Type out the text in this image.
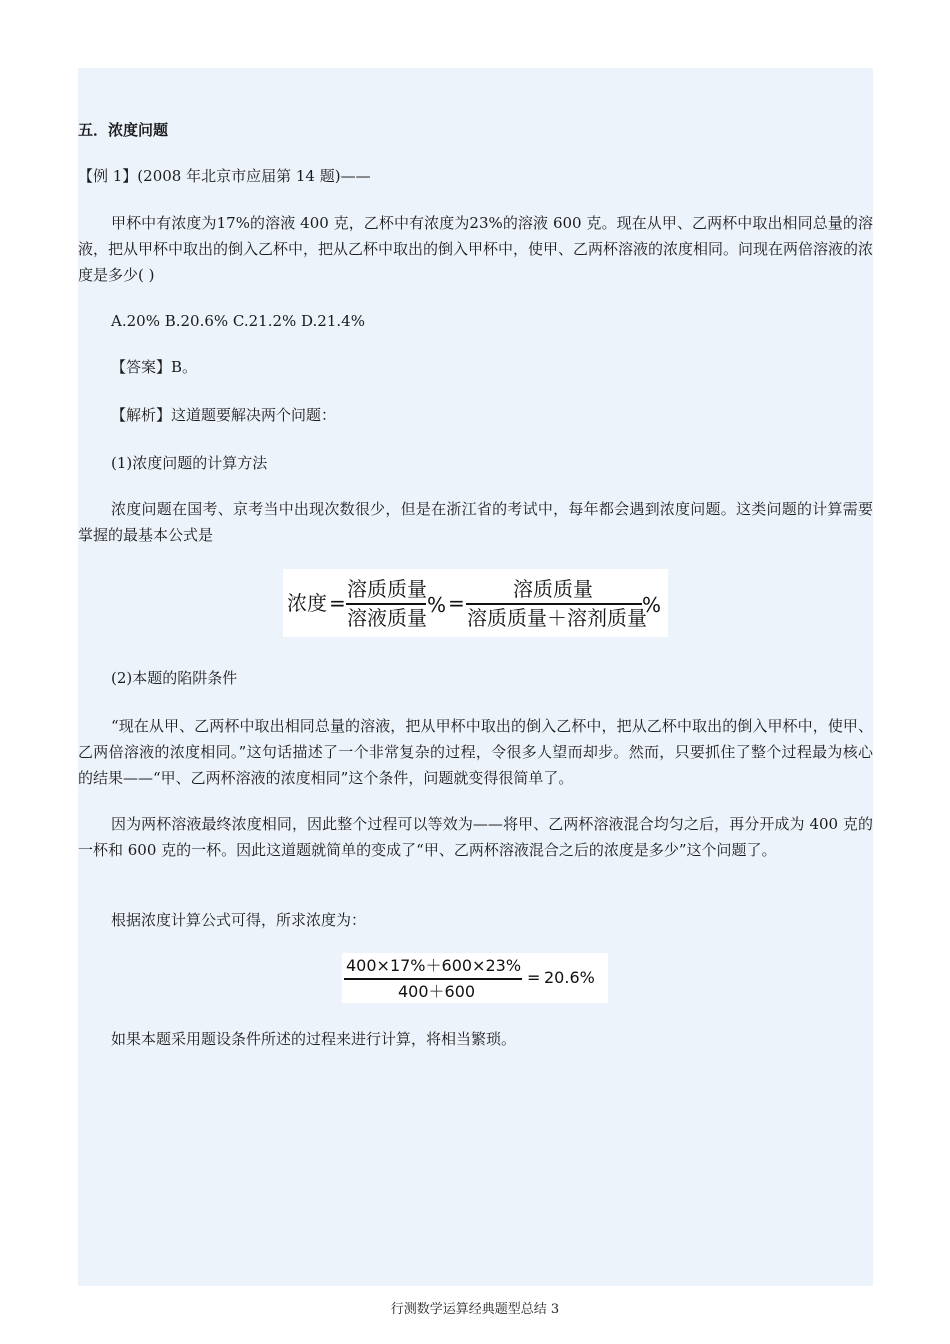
五．浓度问题

【例 1】(2008 年北京市应届第 14 题)——

甲杯中有浓度为17%的溶液 400 克，乙杯中有浓度为23%的溶液 600 克。现在从甲、乙两杯中取出相同总量的溶液，把从甲杯中取出的倒入乙杯中，把从乙杯中取出的倒入甲杯中，使甲、乙两杯溶液的浓度相同。问现在两倍溶液的浓度是多少( )

A.20% B.20.6% C.21.2% D.21.4%

【答案】B。

【解析】这道题要解决两个问题：

(1)浓度问题的计算方法

浓度问题在国考、京考当中出现次数很少，但是在浙江省的考试中，每年都会遇到浓度问题。这类问题的计算需要掌握的最基本公式是

浓度 =
溶质质量
溶液质量
% =
溶质质量
溶质质量＋溶剂质量
%

(2)本题的陷阱条件

“现在从甲、乙两杯中取出相同总量的溶液，把从甲杯中取出的倒入乙杯中，把从乙杯中取出的倒入甲杯中，使甲、乙两倍溶液的浓度相同。”这句话描述了一个非常复杂的过程，令很多人望而却步。然而，只要抓住了整个过程最为核心的结果——“甲、乙两杯溶液的浓度相同”这个条件，问题就变得很简单了。

因为两杯溶液最终浓度相同，因此整个过程可以等效为——将甲、乙两杯溶液混合均匀之后，再分开成为 400 克的一杯和 600 克的一杯。因此这道题就简单的变成了“甲、乙两杯溶液混合之后的浓度是多少”这个问题了。

根据浓度计算公式可得，所求浓度为：

400×17%＋600×23%
400＋600
= 20.6%

如果本题采用题设条件所述的过程来进行计算，将相当繁琐。

行测数学运算经典题型总结 3
